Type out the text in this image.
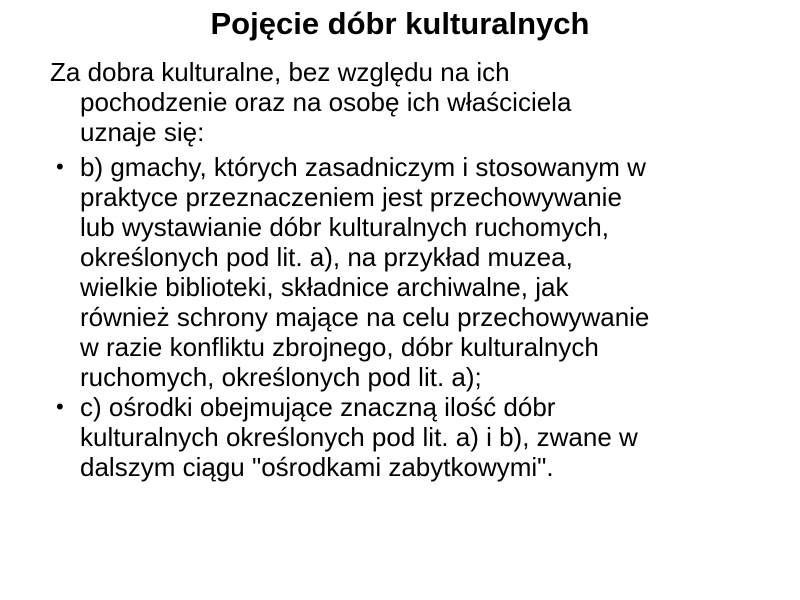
Pojęcie dóbr kulturalnych
Za dobra kulturalne, bez względu na ich
pochodzenie oraz na osobę ich właściciela
uznaje się:
• b) gmachy, których zasadniczym i stosowanym w
praktyce przeznaczeniem jest przechowywanie
lub wystawianie dóbr kulturalnych ruchomych,
określonych pod lit. a), na przykład muzea,
wielkie biblioteki, składnice archiwalne, jak
również schrony mające na celu przechowywanie
w razie konfliktu zbrojnego, dóbr kulturalnych
ruchomych, określonych pod lit. a);
• c) ośrodki obejmujące znaczną ilość dóbr
kulturalnych określonych pod lit. a) i b), zwane w
dalszym ciągu "ośrodkami zabytkowymi".
